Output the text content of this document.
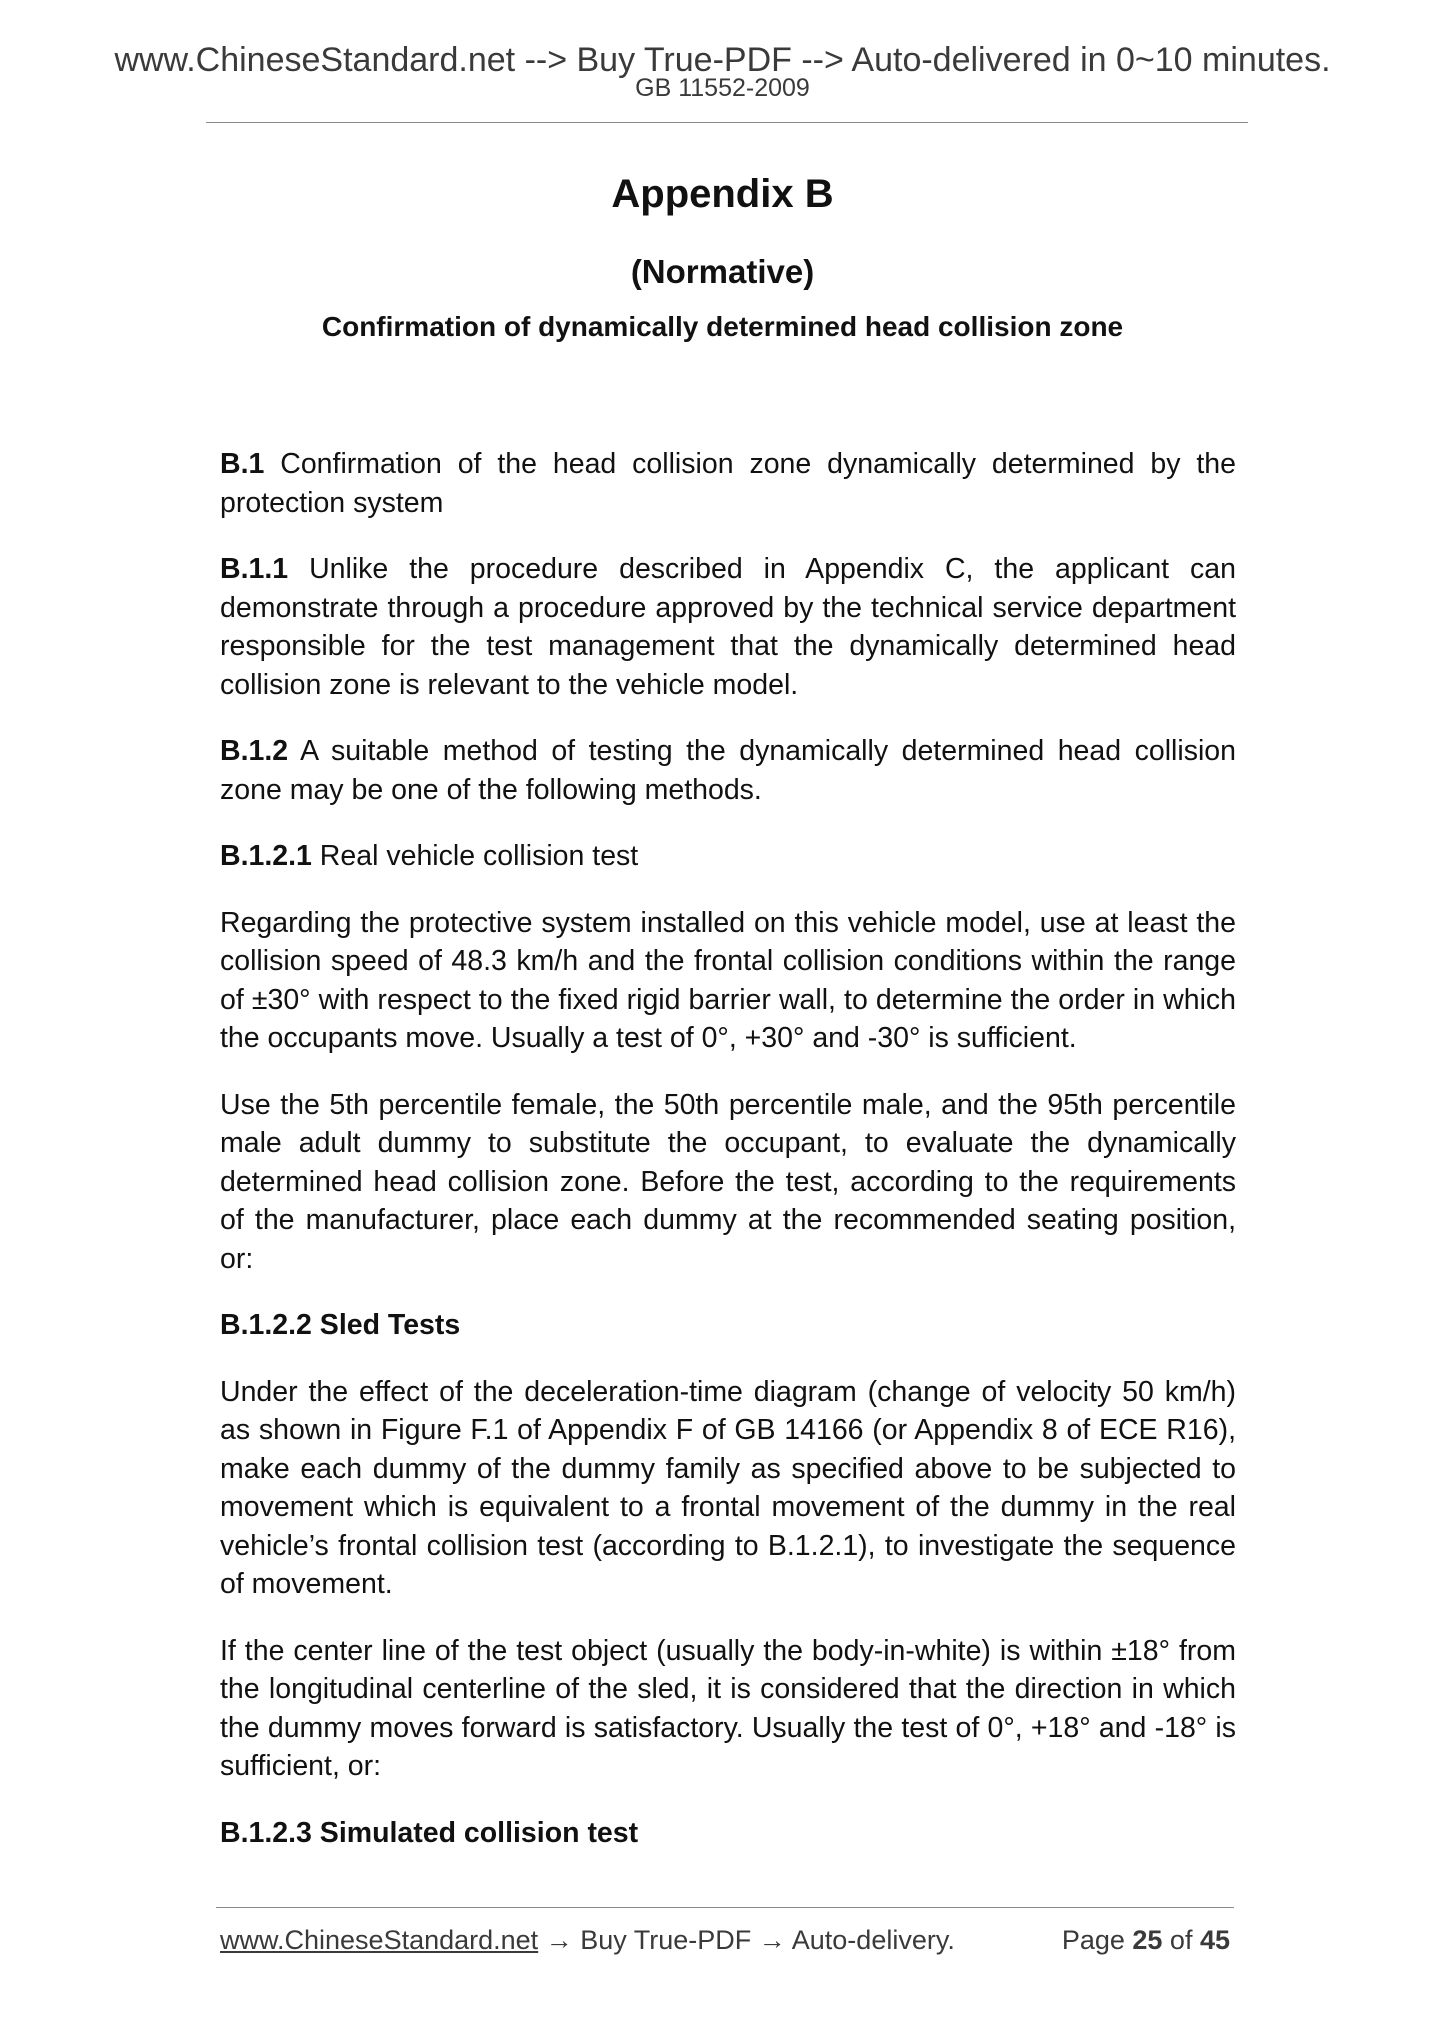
www.ChineseStandard.net --> Buy True-PDF --> Auto-delivered in 0~10 minutes.
GB 11552-2009
Appendix B
(Normative)
Confirmation of dynamically determined head collision zone

B.1 Confirmation of the head collision zone dynamically determined by the protection system

B.1.1 Unlike the procedure described in Appendix C, the applicant can demonstrate through a procedure approved by the technical service department responsible for the test management that the dynamically determined head collision zone is relevant to the vehicle model.

B.1.2 A suitable method of testing the dynamically determined head collision zone may be one of the following methods.

B.1.2.1 Real vehicle collision test

Regarding the protective system installed on this vehicle model, use at least the collision speed of 48.3 km/h and the frontal collision conditions within the range of ±30° with respect to the fixed rigid barrier wall, to determine the order in which the occupants move. Usually a test of 0°, +30° and -30° is sufficient.

Use the 5th percentile female, the 50th percentile male, and the 95th percentile male adult dummy to substitute the occupant, to evaluate the dynamically determined head collision zone. Before the test, according to the requirements of the manufacturer, place each dummy at the recommended seating position, or:

B.1.2.2 Sled Tests

Under the effect of the deceleration-time diagram (change of velocity 50 km/h) as shown in Figure F.1 of Appendix F of GB 14166 (or Appendix 8 of ECE R16), make each dummy of the dummy family as specified above to be subjected to movement which is equivalent to a frontal movement of the dummy in the real vehicle’s frontal collision test (according to B.1.2.1), to investigate the sequence of movement.

If the center line of the test object (usually the body-in-white) is within ±18° from the longitudinal centerline of the sled, it is considered that the direction in which the dummy moves forward is satisfactory. Usually the test of 0°, +18° and -18° is sufficient, or:

B.1.2.3 Simulated collision test

www.ChineseStandard.net → Buy True-PDF → Auto-delivery.	Page 25 of 45
